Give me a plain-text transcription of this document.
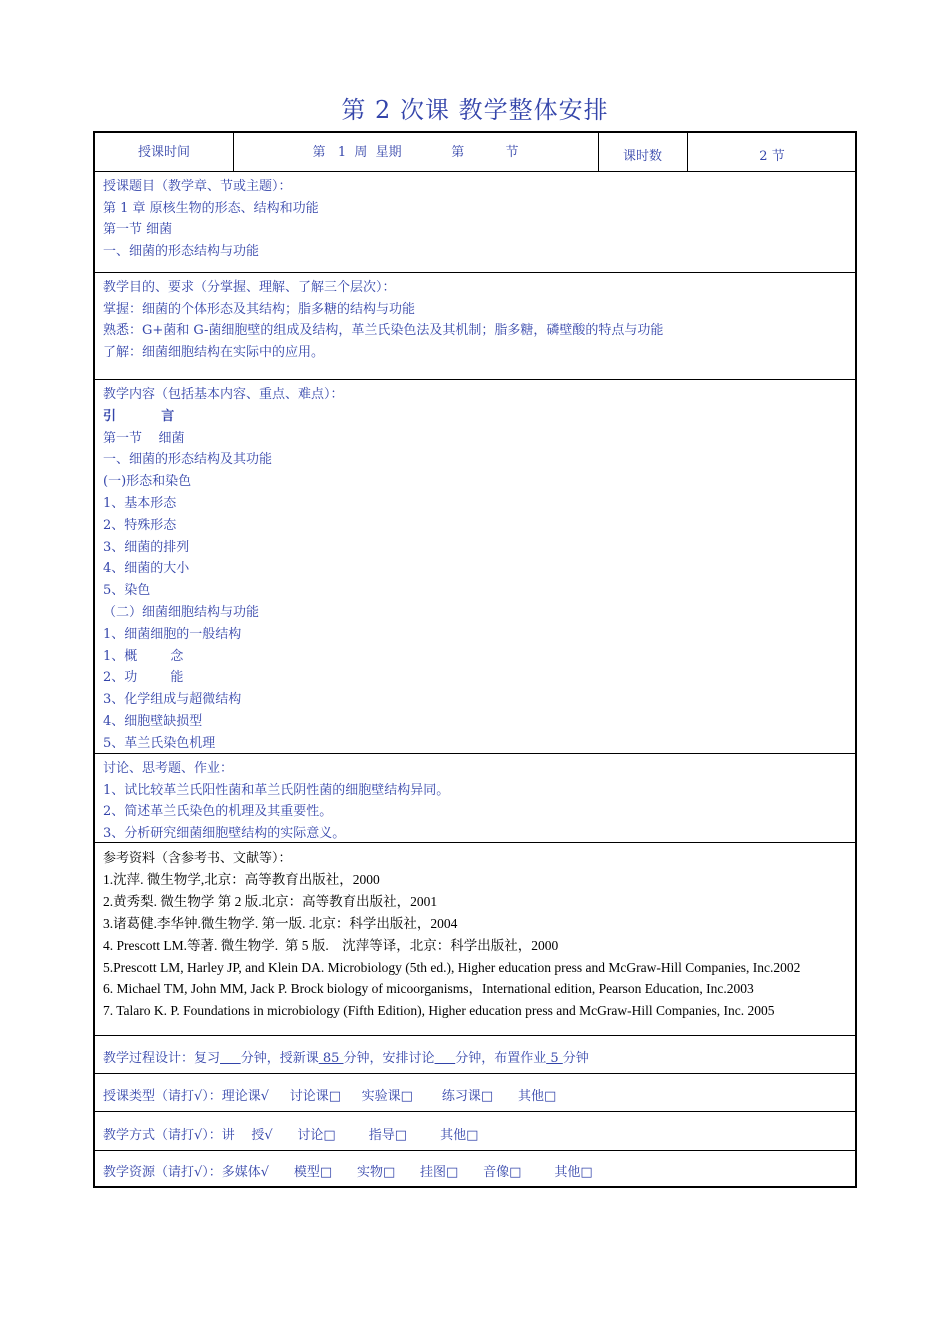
第 2 次课 教学整体安排
授课时间	第   1  周  星期            第          节	课时数	2 节
授课题目（教学章、节或主题）：
第 1 章 原核生物的形态、结构和功能
第一节 细菌
一、细菌的形态结构与功能
教学目的、要求（分掌握、理解、了解三个层次）：
掌握：细菌的个体形态及其结构；脂多糖的结构与功能
熟悉：G+菌和 G-菌细胞壁的组成及结构，革兰氏染色法及其机制；脂多糖，磷壁酸的特点与功能
了解：细菌细胞结构在实际中的应用。
教学内容（包括基本内容、重点、难点）：
引          言
第一节    细菌
一、细菌的形态结构及其功能
(一)形态和染色
1、基本形态
2、特殊形态
3、细菌的排列
4、细菌的大小
5、染色
（二）细菌细胞结构与功能
1、细菌细胞的一般结构
1、概        念
2、功        能
3、化学组成与超微结构
4、细胞壁缺损型
5、革兰氏染色机理
讨论、思考题、作业：
1、试比较革兰氏阳性菌和革兰氏阴性菌的细胞壁结构异同。
2、简述革兰氏染色的机理及其重要性。
3、分析研究细菌细胞壁结构的实际意义。
参考资料（含参考书、文献等）：
1.沈萍. 微生物学,北京：高等教育出版社，2000
2.黄秀梨. 微生物学 第 2 版.北京：高等教育出版社，2001
3.诸葛健.李华钟.微生物学. 第一版. 北京：科学出版社，2004
4. Prescott LM.等著. 微生物学.  第 5 版.    沈萍等译，北京：科学出版社，2000
5.Prescott LM, Harley JP, and Klein DA. Microbiology (5th ed.), Higher education press and McGraw-Hill Companies, Inc.2002
6. Michael TM, John MM, Jack P. Brock biology of micoorganisms，International edition, Pearson Education, Inc.2003
7. Talaro K. P. Foundations in microbiology (Fifth Edition), Higher education press and McGraw-Hill Companies, Inc. 2005
教学过程设计：复习 分钟，授新课 85 分钟，安排讨论 分钟，布置作业 5 分钟
授课类型（请打√）：理论课√     讨论课□     实验课□       练习课□      其他□
教学方式（请打√）：讲    授√      讨论□        指导□        其他□
教学资源（请打√）：多媒体√      模型□      实物□      挂图□      音像□        其他□
